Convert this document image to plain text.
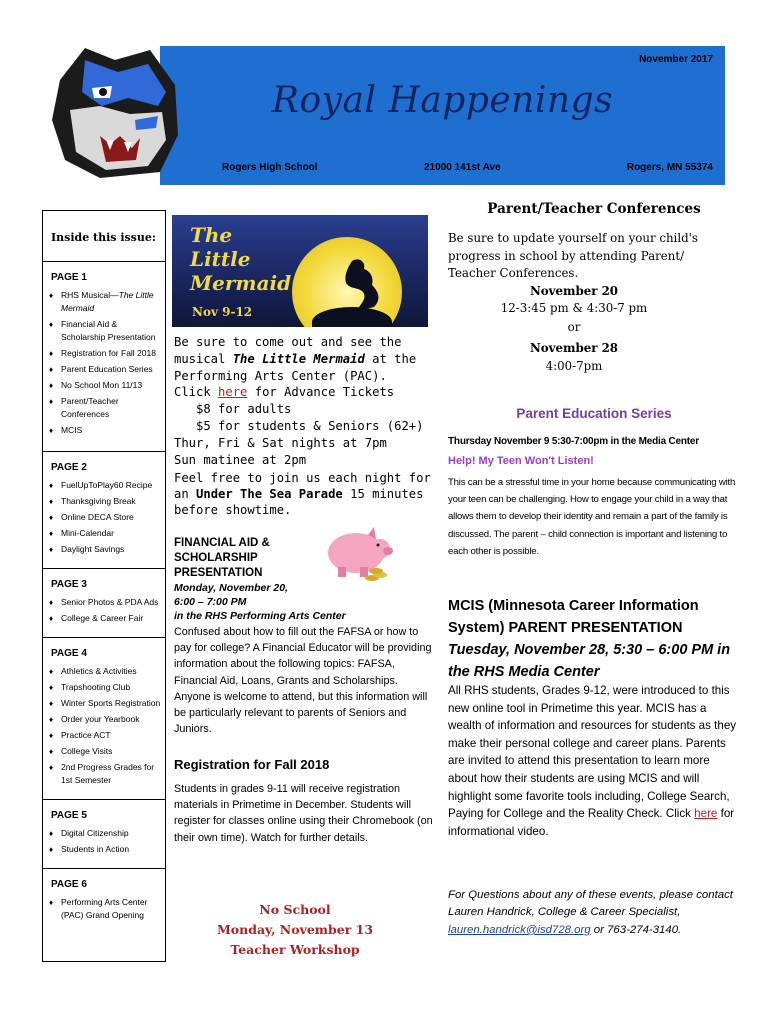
November 2017
Royal Happenings
Rogers High School	21000 141st Ave	Rogers, MN 55374
Inside this issue:
PAGE 1
♦ RHS Musical—The Little Mermaid
♦ Financial Aid & Scholarship Presentation
♦ Registration for Fall 2018
♦ Parent Education Series
♦ No School Mon 11/13
♦ Parent/Teacher Conferences
♦ MCIS
PAGE 2
♦ FuelUpToPlay60 Recipe
♦ Thanksgiving Break
♦ Online DECA Store
♦ Mini-Calendar
♦ Daylight Savings
PAGE 3
♦ Senior Photos & PDA Ads
♦ College & Career Fair
PAGE 4
♦ Athletics & Activities
♦ Trapshooting Club
♦ Winter Sports Registration
♦ Order your Yearbook
♦ Practice ACT
♦ College Visits
♦ 2nd Progress Grades for 1st Semester
PAGE 5
♦ Digital Citizenship
♦ Students in Action
PAGE 6
♦ Performing Arts Center (PAC) Grand Opening
The
Little
Mermaid
Nov 9-12
Be sure to come out and see the musical The Little Mermaid at the Performing Arts Center (PAC).
Click here for Advance Tickets
$8 for adults
$5 for students & Seniors (62+)
Thur, Fri & Sat nights at 7pm
Sun matinee at 2pm
Feel free to join us each night for an Under The Sea Parade 15 minutes before showtime.
FINANCIAL AID & SCHOLARSHIP PRESENTATION
Monday, November 20,
6:00 – 7:00 PM
in the RHS Performing Arts Center
Confused about how to fill out the FAFSA or how to pay for college? A Financial Educator will be providing information about the following topics: FAFSA, Financial Aid, Loans, Grants and Scholarships. Anyone is welcome to attend, but this information will be particularly relevant to parents of Seniors and Juniors.
Registration for Fall 2018
Students in grades 9-11 will receive registration materials in Primetime in December. Students will register for classes online using their Chromebook (on their own time). Watch for further details.
No School
Monday, November 13
Teacher Workshop
Parent/Teacher Conferences
Be sure to update yourself on your child's progress in school by attending Parent/ Teacher Conferences.
November 20
12-3:45 pm & 4:30-7 pm
or
November 28
4:00-7pm
Parent Education Series
Thursday November 9 5:30-7:00pm in the Media Center
Help! My Teen Won't Listen!
This can be a stressful time in your home because communicating with your teen can be challenging. How to engage your child in a way that allows them to develop their identity and remain a part of the family is discussed. The parent – child connection is important and listening to each other is possible.
MCIS (Minnesota Career Information System) PARENT PRESENTATION
Tuesday, November 28, 5:30 – 6:00 PM in the RHS Media Center
All RHS students, Grades 9-12, were introduced to this new online tool in Primetime this year. MCIS has a wealth of information and resources for students as they make their personal college and career plans. Parents are invited to attend this presentation to learn more about how their students are using MCIS and will highlight some favorite tools including, College Search, Paying for College and the Reality Check. Click here for informational video.
For Questions about any of these events, please contact Lauren Handrick, College & Career Specialist, lauren.handrick@isd728.org or 763-274-3140.
